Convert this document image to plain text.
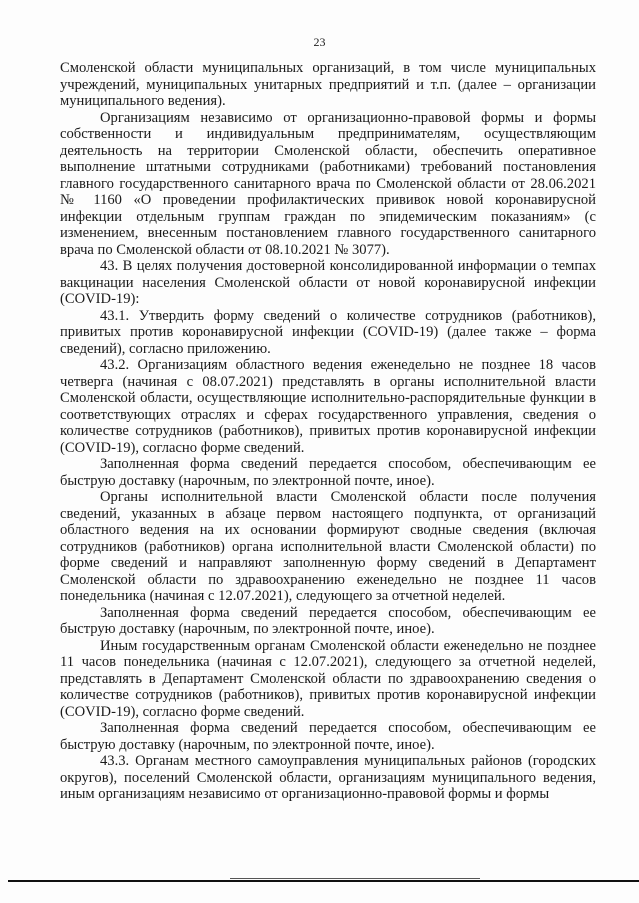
23

Смоленской области муниципальных организаций, в том числе муниципальных учреждений, муниципальных унитарных предприятий и т.п. (далее – организации муниципального ведения).

Организациям независимо от организационно-правовой формы и формы собственности и индивидуальным предпринимателям, осуществляющим деятельность на территории Смоленской области, обеспечить оперативное выполнение штатными сотрудниками (работниками) требований постановления главного государственного санитарного врача по Смоленской области от 28.06.2021 № 1160 «О проведении профилактических прививок новой коронавирусной инфекции отдельным группам граждан по эпидемическим показаниям» (с изменением, внесенным постановлением главного государственного санитарного врача по Смоленской области от 08.10.2021 № 3077).

43. В целях получения достоверной консолидированной информации о темпах вакцинации населения Смоленской области от новой коронавирусной инфекции (COVID-19):

43.1. Утвердить форму сведений о количестве сотрудников (работников), привитых против коронавирусной инфекции (COVID-19) (далее также – форма сведений), согласно приложению.

43.2. Организациям областного ведения еженедельно не позднее 18 часов четверга (начиная с 08.07.2021) представлять в органы исполнительной власти Смоленской области, осуществляющие исполнительно-распорядительные функции в соответствующих отраслях и сферах государственного управления, сведения о количестве сотрудников (работников), привитых против коронавирусной инфекции (COVID-19), согласно форме сведений.

Заполненная форма сведений передается способом, обеспечивающим ее быструю доставку (нарочным, по электронной почте, иное).

Органы исполнительной власти Смоленской области после получения сведений, указанных в абзаце первом настоящего подпункта, от организаций областного ведения на их основании формируют сводные сведения (включая сотрудников (работников) органа исполнительной власти Смоленской области) по форме сведений и направляют заполненную форму сведений в Департамент Смоленской области по здравоохранению еженедельно не позднее 11 часов понедельника (начиная с 12.07.2021), следующего за отчетной неделей.

Заполненная форма сведений передается способом, обеспечивающим ее быструю доставку (нарочным, по электронной почте, иное).

Иным государственным органам Смоленской области еженедельно не позднее 11 часов понедельника (начиная с 12.07.2021), следующего за отчетной неделей, представлять в Департамент Смоленской области по здравоохранению сведения о количестве сотрудников (работников), привитых против коронавирусной инфекции (COVID-19), согласно форме сведений.

Заполненная форма сведений передается способом, обеспечивающим ее быструю доставку (нарочным, по электронной почте, иное).

43.3. Органам местного самоуправления муниципальных районов (городских округов), поселений Смоленской области, организациям муниципального ведения, иным организациям независимо от организационно-правовой формы и формы
